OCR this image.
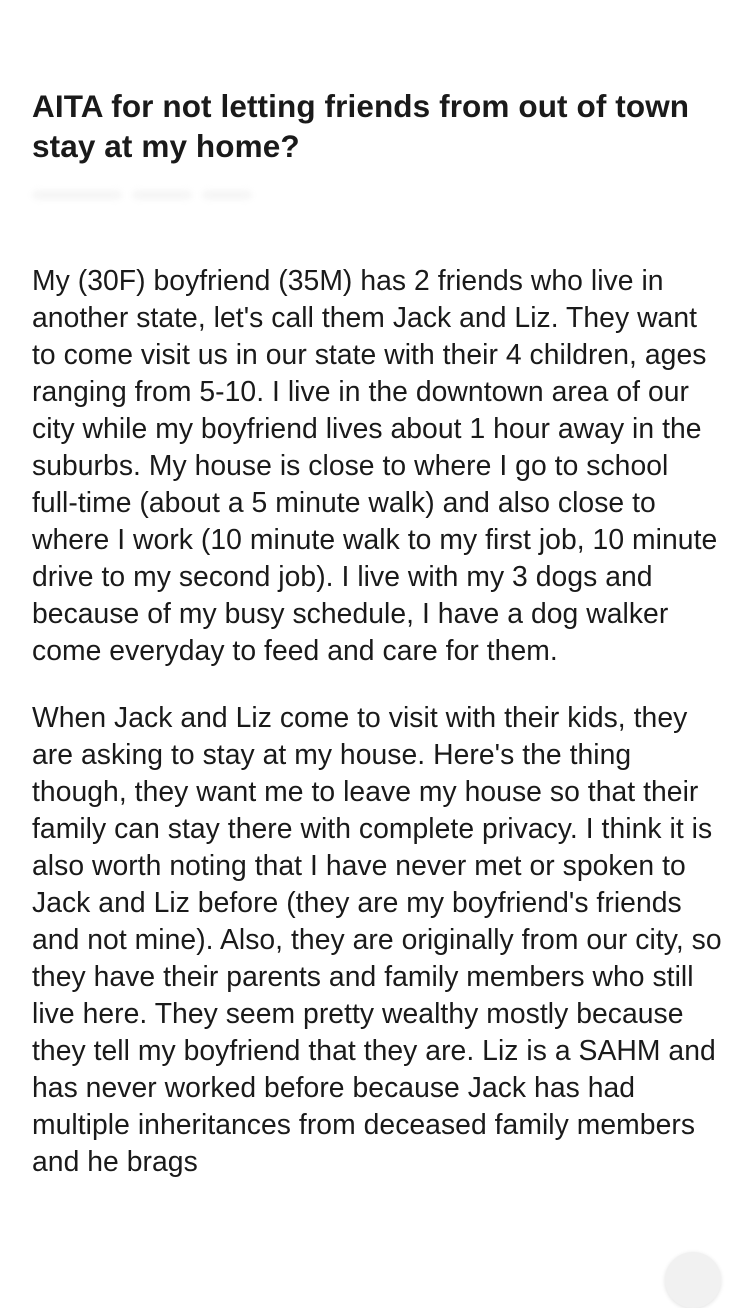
AITA for not letting friends from out of town stay at my home?

My (30F) boyfriend (35M) has 2 friends who live in another state, let's call them Jack and Liz. They want to come visit us in our state with their 4 children, ages ranging from 5-10. I live in the downtown area of our city while my boyfriend lives about 1 hour away in the suburbs. My house is close to where I go to school full-time (about a 5 minute walk) and also close to where I work (10 minute walk to my first job, 10 minute drive to my second job). I live with my 3 dogs and because of my busy schedule, I have a dog walker come everyday to feed and care for them.

When Jack and Liz come to visit with their kids, they are asking to stay at my house. Here's the thing though, they want me to leave my house so that their family can stay there with complete privacy. I think it is also worth noting that I have never met or spoken to Jack and Liz before (they are my boyfriend's friends and not mine). Also, they are originally from our city, so they have their parents and family members who still live here. They seem pretty wealthy mostly because they tell my boyfriend that they are. Liz is a SAHM and has never worked before because Jack has had multiple inheritances from deceased family members and he brags
